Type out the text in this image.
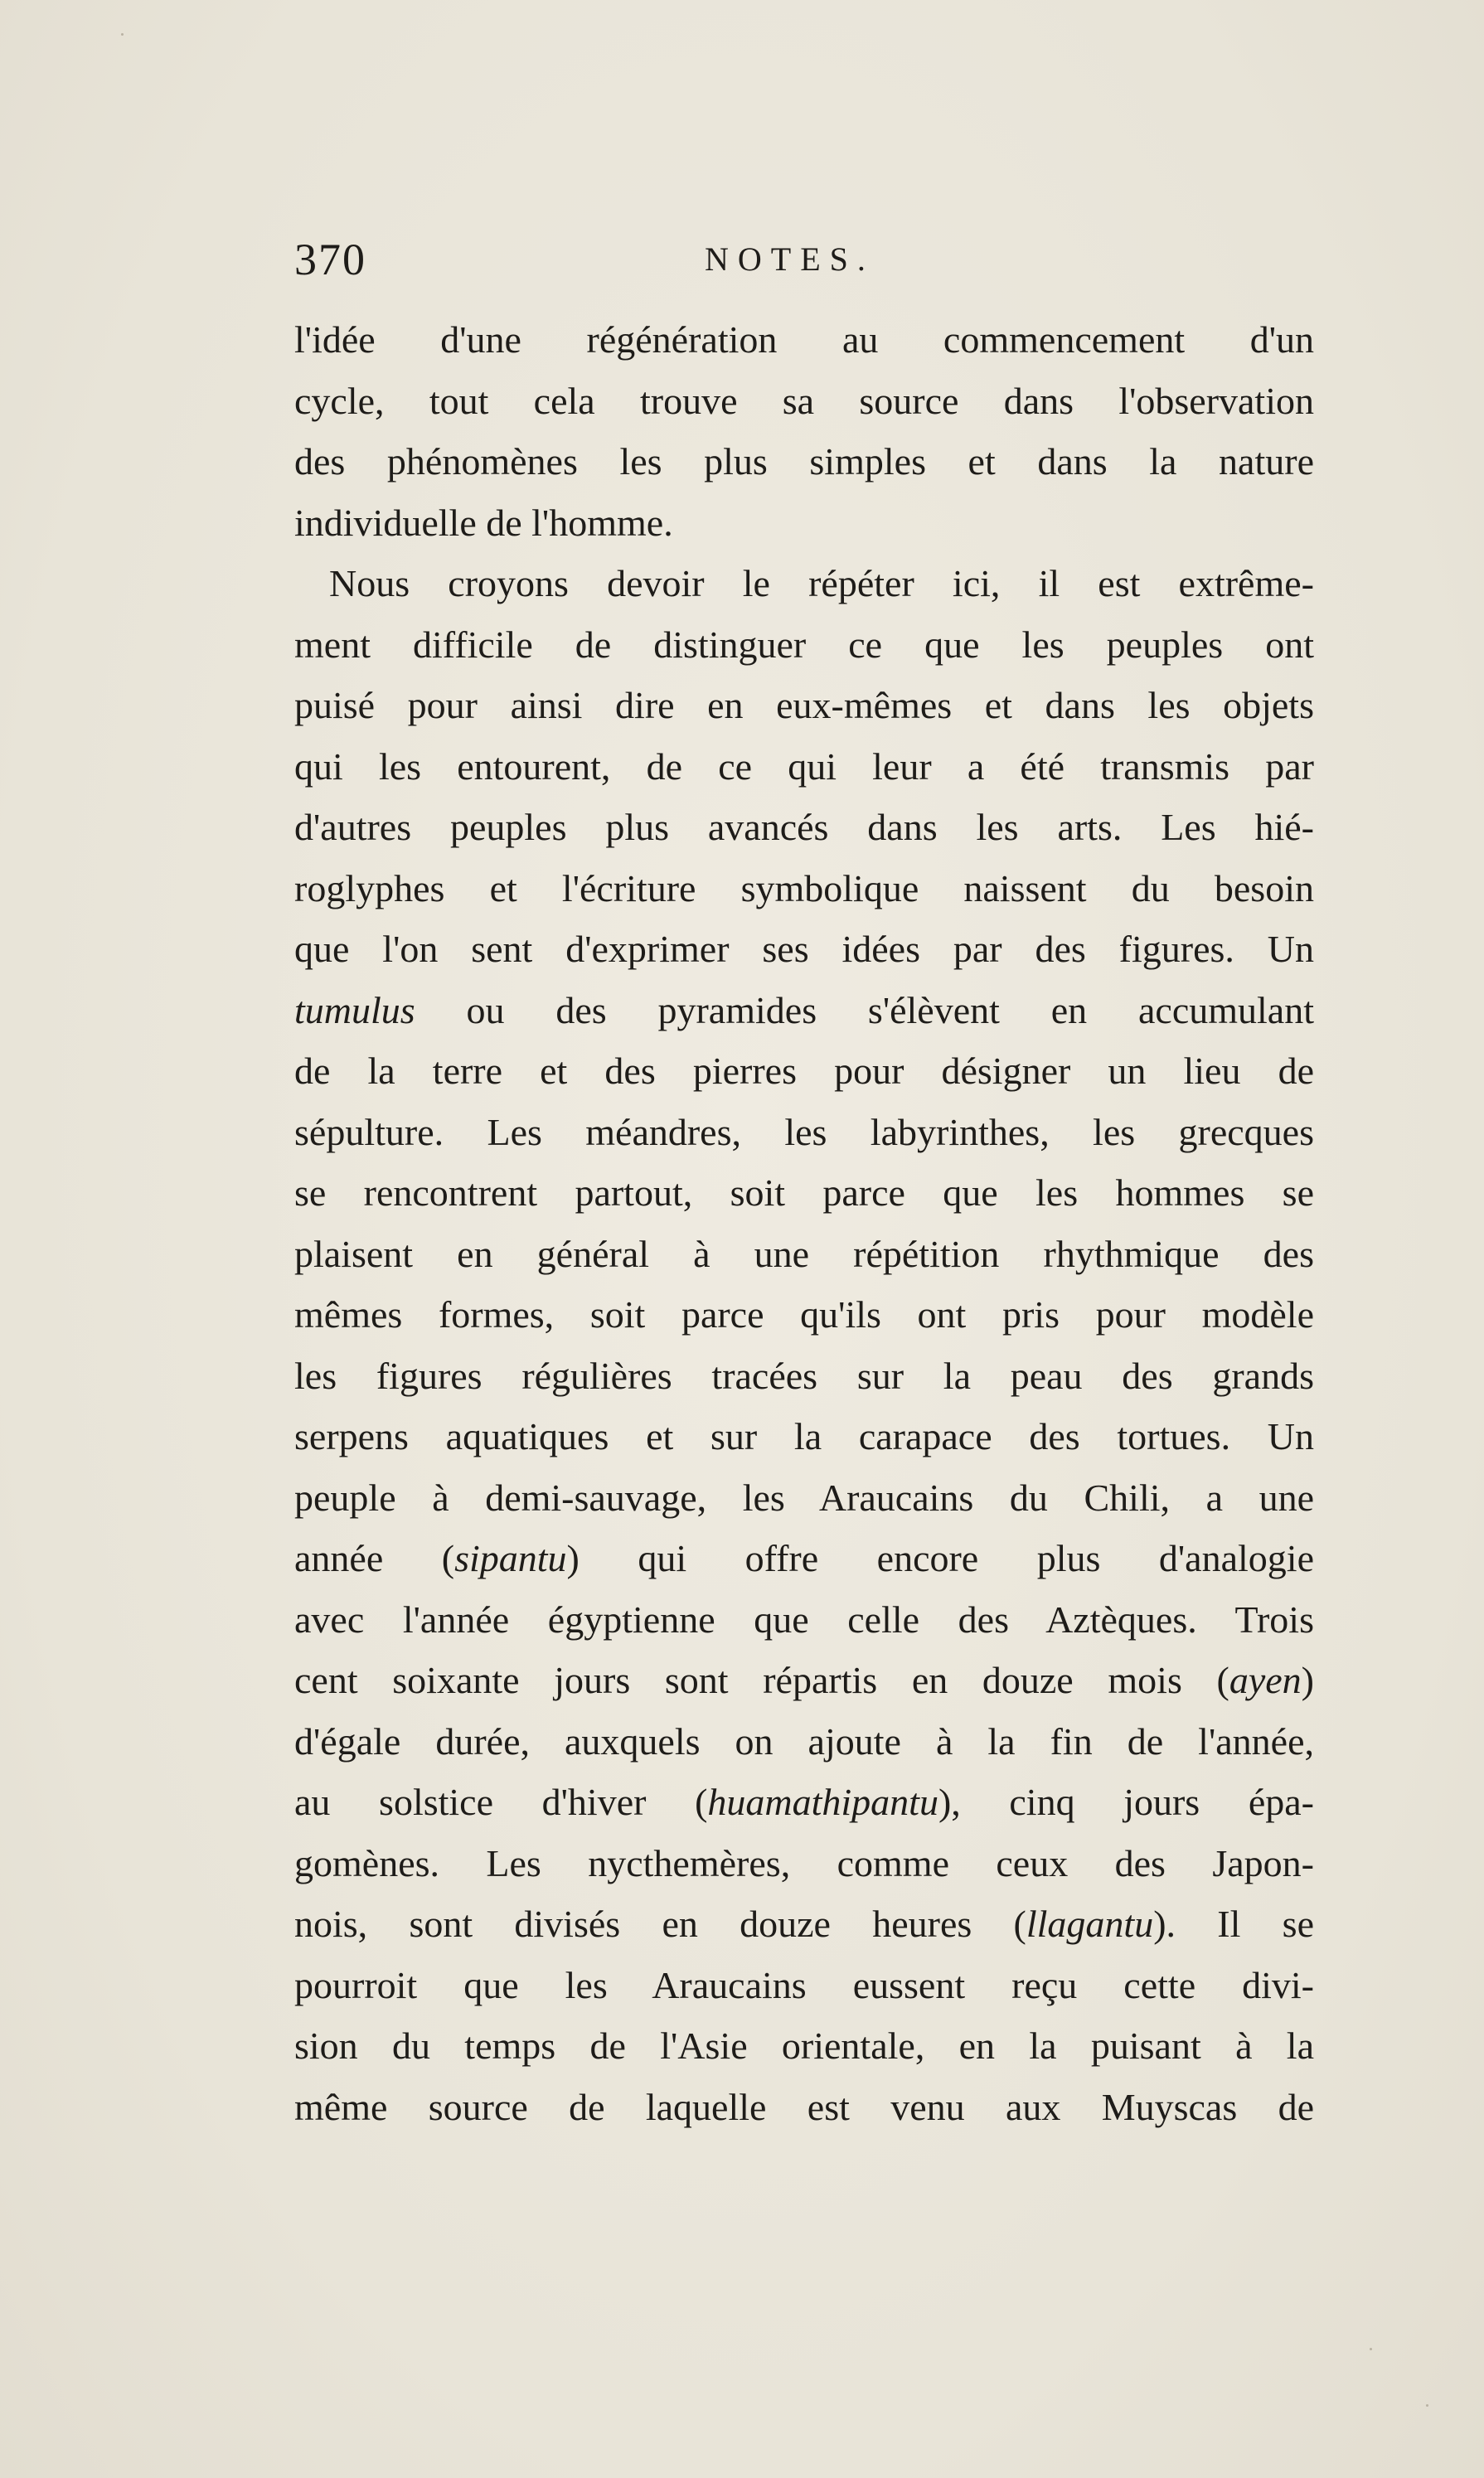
370	NOTES.
l'idée d'une régénération au commencement d'un
cycle, tout cela trouve sa source dans l'observation
des phénomènes les plus simples et dans la nature
individuelle de l'homme.
Nous croyons devoir le répéter ici, il est extrême-
ment difficile de distinguer ce que les peuples ont
puisé pour ainsi dire en eux-mêmes et dans les objets
qui les entourent, de ce qui leur a été transmis par
d'autres peuples plus avancés dans les arts. Les hié-
roglyphes et l'écriture symbolique naissent du besoin
que l'on sent d'exprimer ses idées par des figures. Un
tumulus ou des pyramides s'élèvent en accumulant
de la terre et des pierres pour désigner un lieu de
sépulture. Les méandres, les labyrinthes, les grecques
se rencontrent partout, soit parce que les hommes se
plaisent en général à une répétition rhythmique des
mêmes formes, soit parce qu'ils ont pris pour modèle
les figures régulières tracées sur la peau des grands
serpens aquatiques et sur la carapace des tortues. Un
peuple à demi-sauvage, les Araucains du Chili, a une
année (sipantu) qui offre encore plus d'analogie
avec l'année égyptienne que celle des Aztèques. Trois
cent soixante jours sont répartis en douze mois (ayen)
d'égale durée, auxquels on ajoute à la fin de l'année,
au solstice d'hiver (huamathipantu), cinq jours épa-
gomènes. Les nycthemères, comme ceux des Japon-
nois, sont divisés en douze heures (llagantu). Il se
pourroit que les Araucains eussent reçu cette divi-
sion du temps de l'Asie orientale, en la puisant à la
même source de laquelle est venu aux Muyscas de
